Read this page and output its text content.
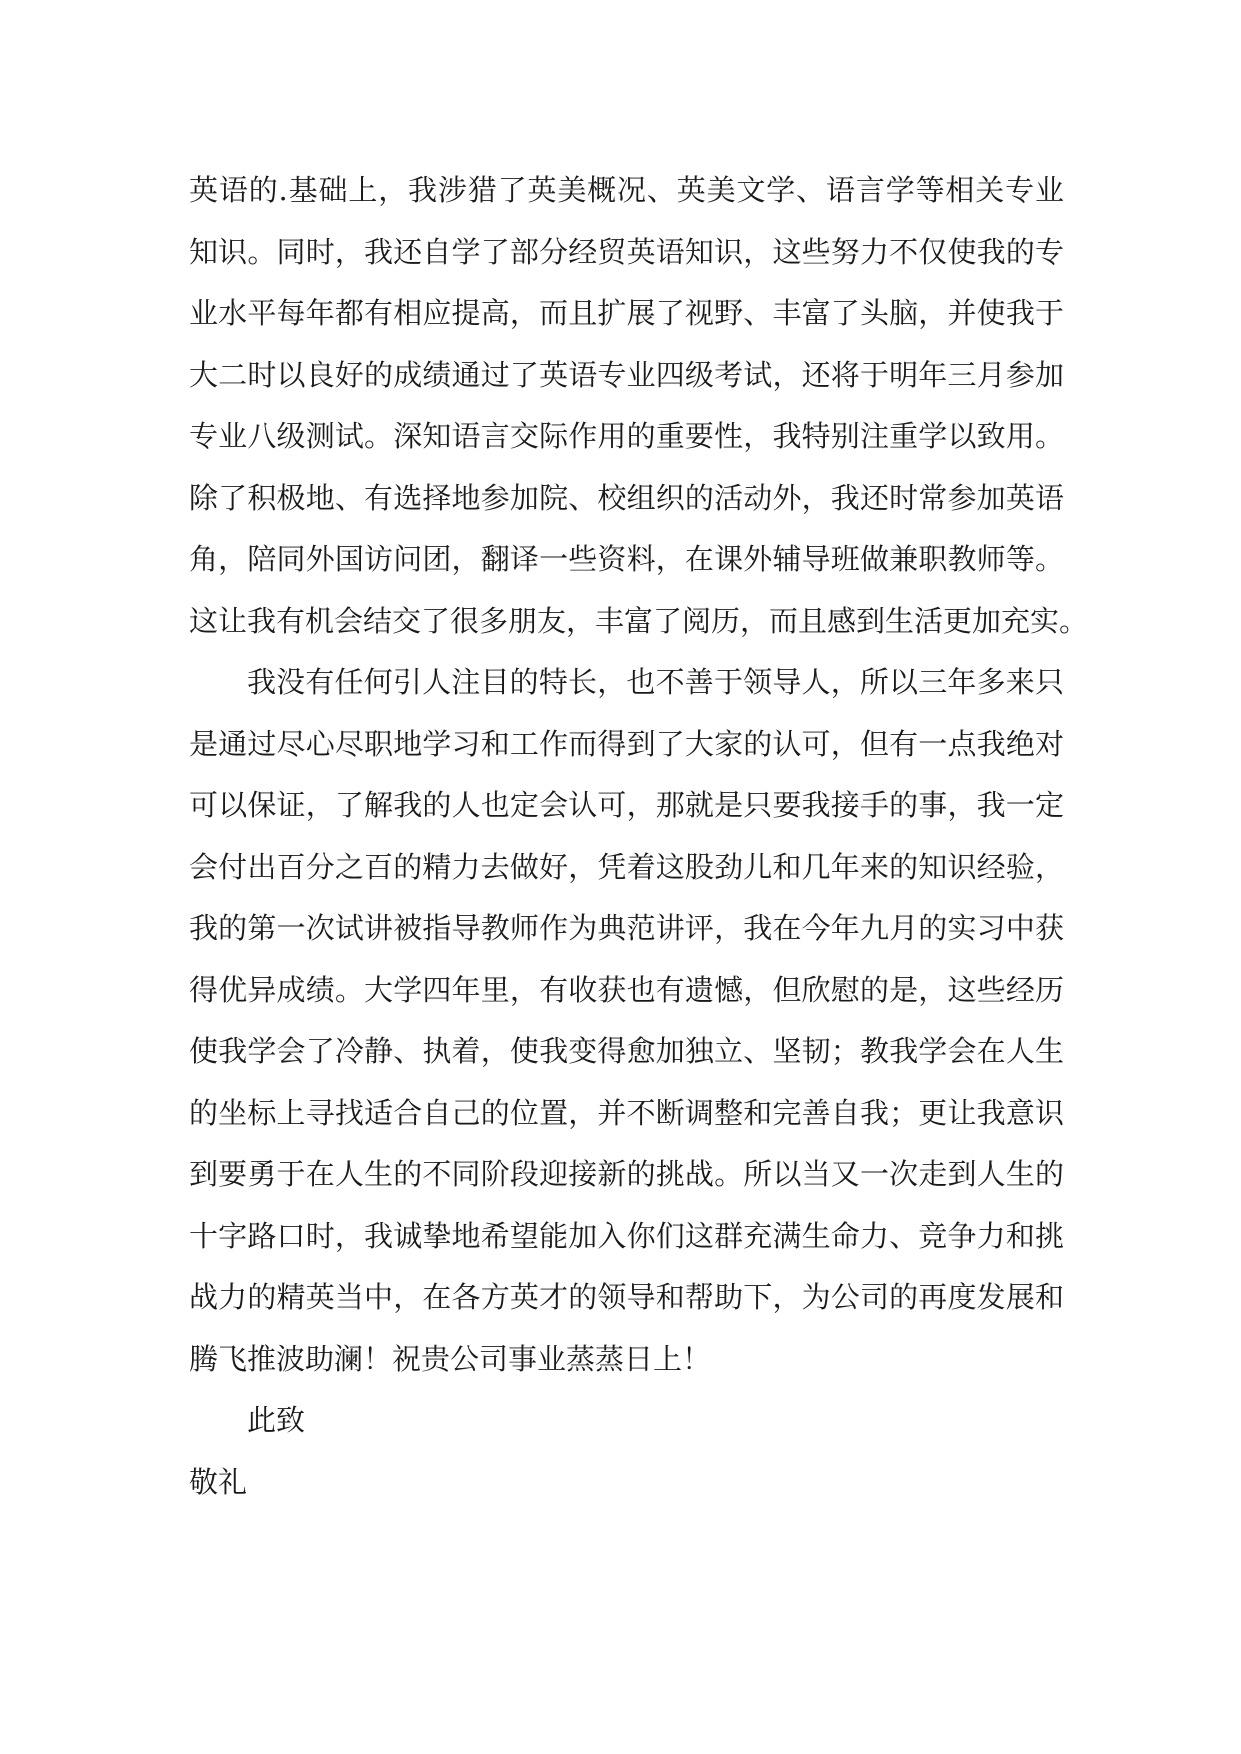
英语的.基础上，我涉猎了英美概况、英美文学、语言学等相关专业
知识。同时，我还自学了部分经贸英语知识，这些努力不仅使我的专
业水平每年都有相应提高，而且扩展了视野、丰富了头脑，并使我于
大二时以良好的成绩通过了英语专业四级考试，还将于明年三月参加
专业八级测试。深知语言交际作用的重要性，我特别注重学以致用。
除了积极地、有选择地参加院、校组织的活动外，我还时常参加英语
角，陪同外国访问团，翻译一些资料，在课外辅导班做兼职教师等。
这让我有机会结交了很多朋友，丰富了阅历，而且感到生活更加充实。
我没有任何引人注目的特长，也不善于领导人，所以三年多来只
是通过尽心尽职地学习和工作而得到了大家的认可，但有一点我绝对
可以保证，了解我的人也定会认可，那就是只要我接手的事，我一定
会付出百分之百的精力去做好，凭着这股劲儿和几年来的知识经验，
我的第一次试讲被指导教师作为典范讲评，我在今年九月的实习中获
得优异成绩。大学四年里，有收获也有遗憾，但欣慰的是，这些经历
使我学会了冷静、执着，使我变得愈加独立、坚韧；教我学会在人生
的坐标上寻找适合自己的位置，并不断调整和完善自我；更让我意识
到要勇于在人生的不同阶段迎接新的挑战。所以当又一次走到人生的
十字路口时，我诚挚地希望能加入你们这群充满生命力、竞争力和挑
战力的精英当中，在各方英才的领导和帮助下，为公司的再度发展和
腾飞推波助澜！祝贵公司事业蒸蒸日上！
此致
敬礼
